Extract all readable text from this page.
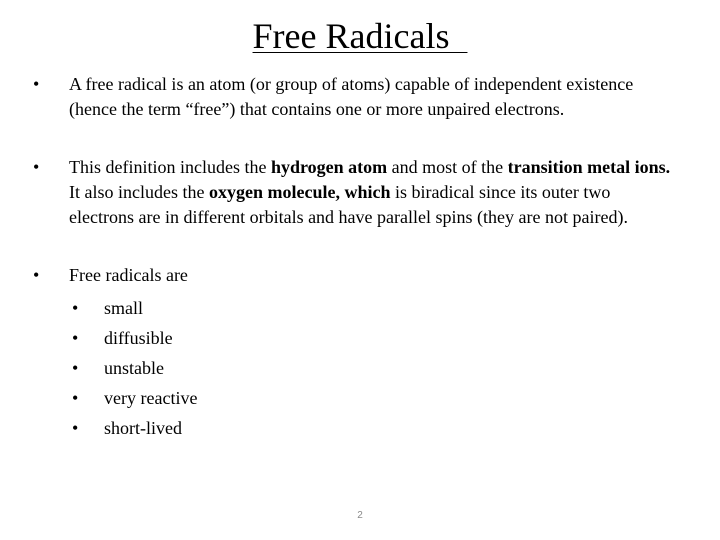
Free Radicals
• A free radical is an atom (or group of atoms) capable of independent existence (hence the term “free”) that contains one or more unpaired electrons.
• This definition includes the hydrogen atom and most of the transition metal ions. It also includes the oxygen molecule, which is biradical since its outer two electrons are in different orbitals and have parallel spins (they are not paired).
• Free radicals are
• small
• diffusible
• unstable
• very reactive
• short-lived
2
